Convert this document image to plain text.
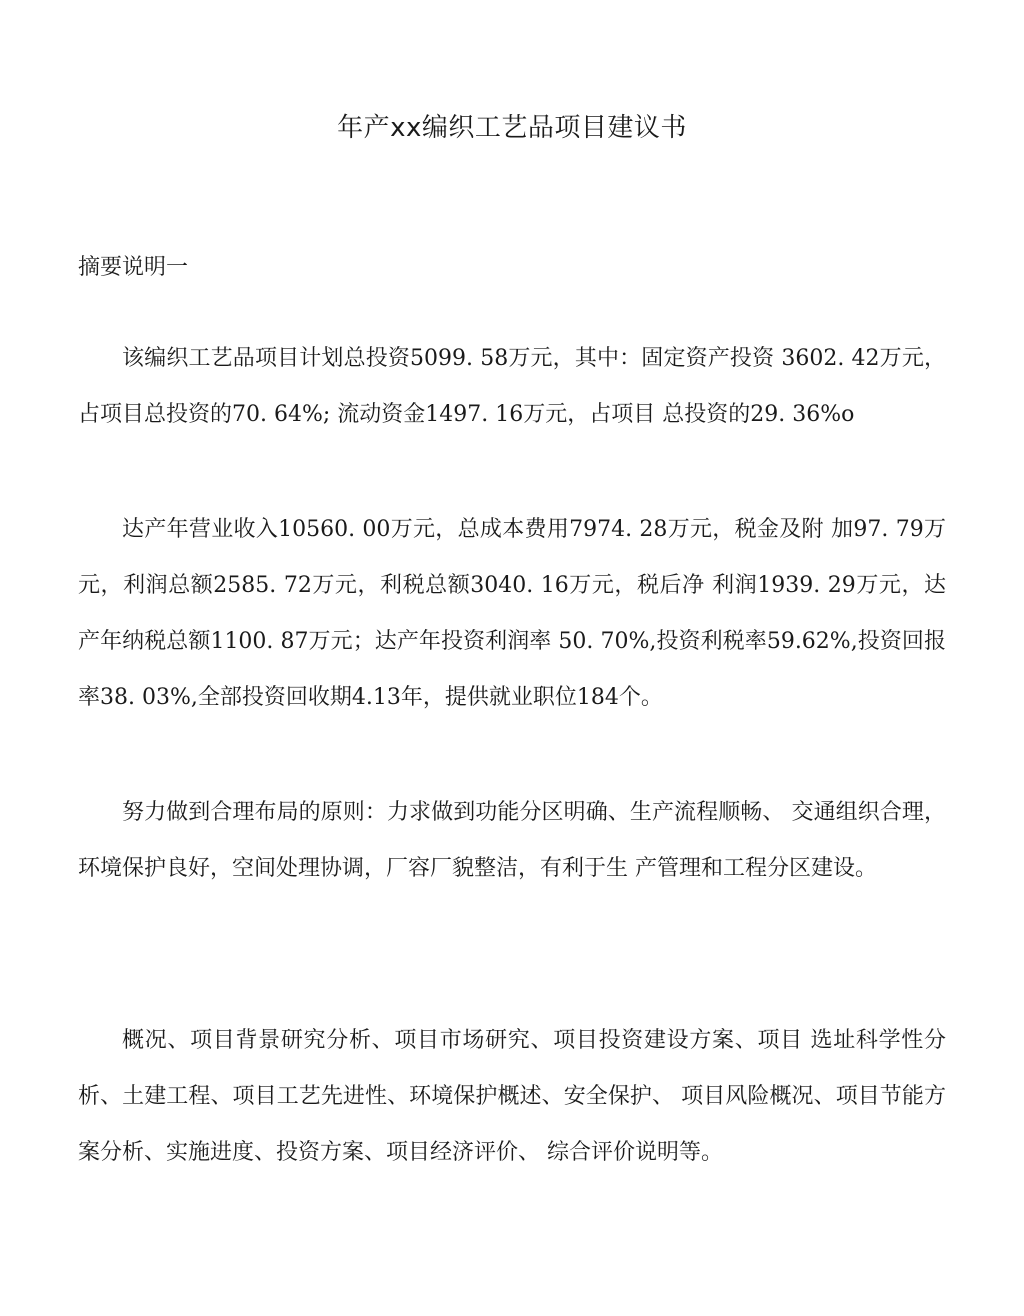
年产xx编织工艺品项目建议书
摘要说明一

该编织工艺品项目计划总投资5099. 58万元，其中：固定资产投资 3602. 42万元，占项目总投资的70. 64%; 流动资金1497. 16万元，占项目 总投资的29. 36%o

达产年营业收入10560. 00万元，总成本费用7974. 28万元，税金及附 加97. 79万元，利润总额2585. 72万元，利税总额3040. 16万元，税后净 利润1939. 29万元，达产年纳税总额1100. 87万元；达产年投资利润率 50. 70%,投资利税率59.62%,投资回报率38. 03%,全部投资回收期4.13年，提供就业职位184个。

努力做到合理布局的原则：力求做到功能分区明确、生产流程顺畅、 交通组织合理，环境保护良好，空间处理协调，厂容厂貌整洁，有利于生 产管理和工程分区建设。

概况、项目背景研究分析、项目市场研究、项目投资建设方案、项目 选址科学性分析、土建工程、项目工艺先进性、环境保护概述、安全保护、 项目风险概况、项目节能方案分析、实施进度、投资方案、项目经济评价、 综合评价说明等。
